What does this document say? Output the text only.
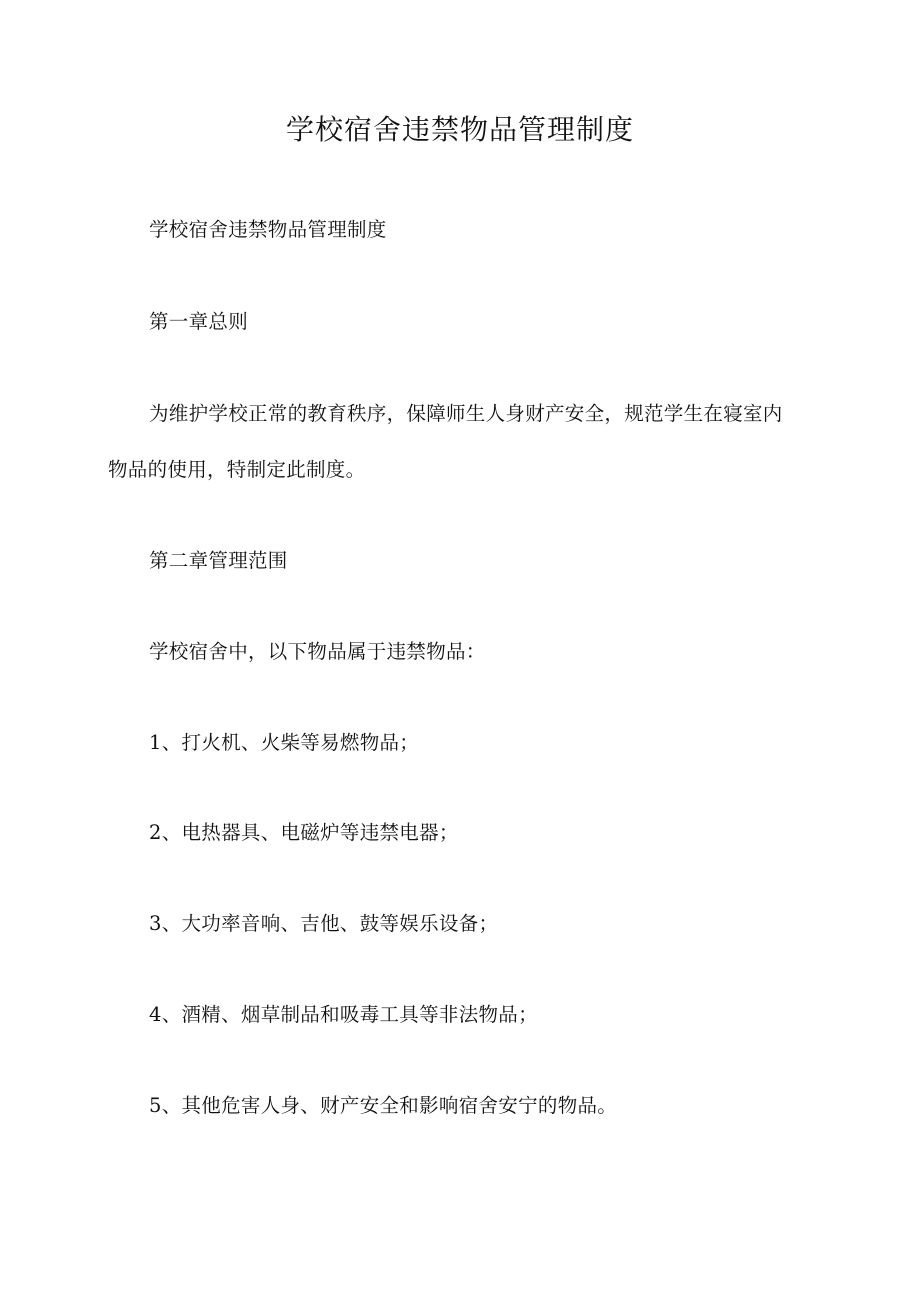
学校宿舍违禁物品管理制度
学校宿舍违禁物品管理制度
第一章总则
为维护学校正常的教育秩序，保障师生人身财产安全，规范学生在寝室内
物品的使用，特制定此制度。
第二章管理范围
学校宿舍中，以下物品属于违禁物品：
1、打火机、火柴等易燃物品；
2、电热器具、电磁炉等违禁电器；
3、大功率音响、吉他、鼓等娱乐设备；
4、酒精、烟草制品和吸毒工具等非法物品；
5、其他危害人身、财产安全和影响宿舍安宁的物品。
